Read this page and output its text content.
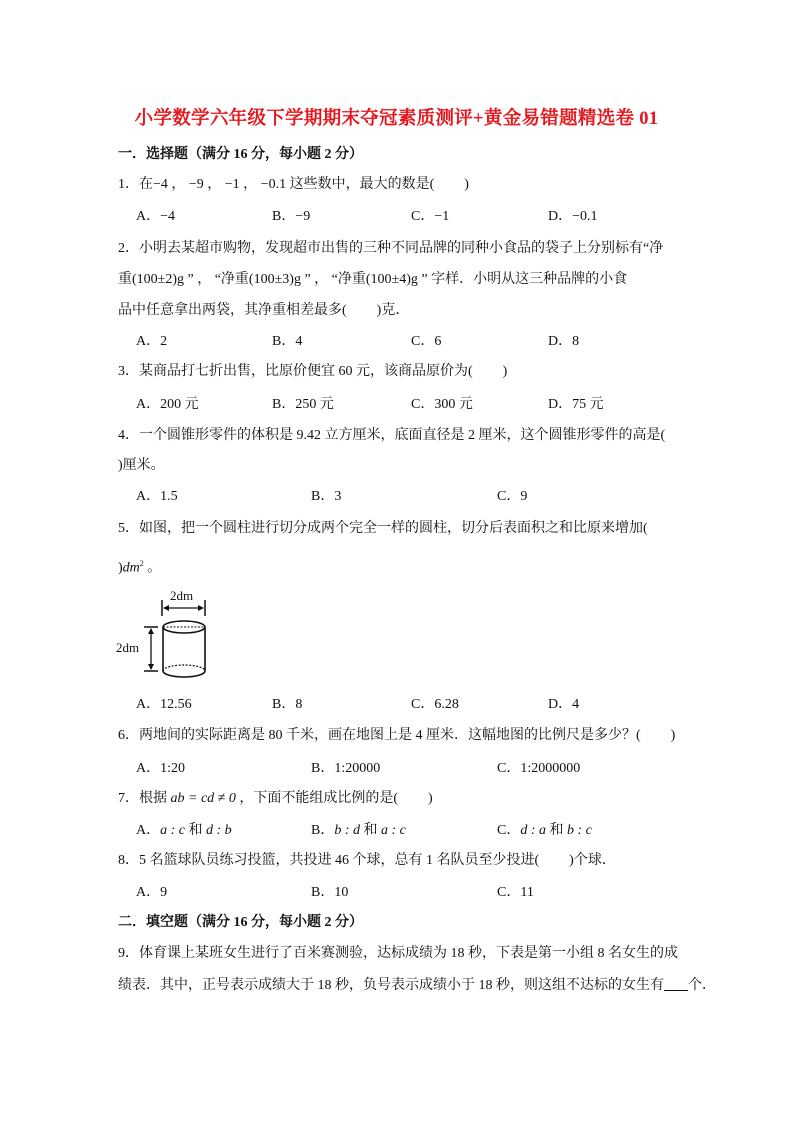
小学数学六年级下学期期末夺冠素质测评+黄金易错题精选卷 01
一．选择题（满分 16 分，每小题 2 分）
1．在−4 ， −9 ， −1 ， −0.1 这些数中，最大的数是( )
A．−4	B．−9	C．−1	D．−0.1
2．小明去某超市购物，发现超市出售的三种不同品牌的同种小食品的袋子上分别标有“净
重(100±2)g ” ， “净重(100±3)g ” ， “净重(100±4)g ” 字样．小明从这三种品牌的小食
品中任意拿出两袋，其净重相差最多( )克．
A．2	B．4	C．6	D．8
3．某商品打七折出售，比原价便宜 60 元，该商品原价为( )
A．200 元	B．250 元	C．300 元	D．75 元
4．一个圆锥形零件的体积是 9.42 立方厘米，底面直径是 2 厘米，这个圆锥形零件的高是(
)厘米。
A．1.5	B．3	C．9
5．如图，把一个圆柱进行切分成两个完全一样的圆柱，切分后表面积之和比原来增加(
)$dm^2$ 。
2dm
2dm
A．12.56	B．8	C．6.28	D．4
6．两地间的实际距离是 80 千米，画在地图上是 4 厘米．这幅地图的比例尺是多少？( )
A．1:20	B．1:20000	C．1:2000000
7．根据 ab = cd ≠ 0 ，下面不能组成比例的是( )
A．a : c 和 d : b	B．b : d 和 a : c	C．d : a 和 b : c
8．5 名篮球队员练习投篮，共投进 46 个球，总有 1 名队员至少投进( )个球．
A．9	B．10	C．11
二．填空题（满分 16 分，每小题 2 分）
9．体育课上某班女生进行了百米赛测验，达标成绩为 18 秒，下表是第一小组 8 名女生的成
绩表．其中，正号表示成绩大于 18 秒，负号表示成绩小于 18 秒，则这组不达标的女生有 个．
